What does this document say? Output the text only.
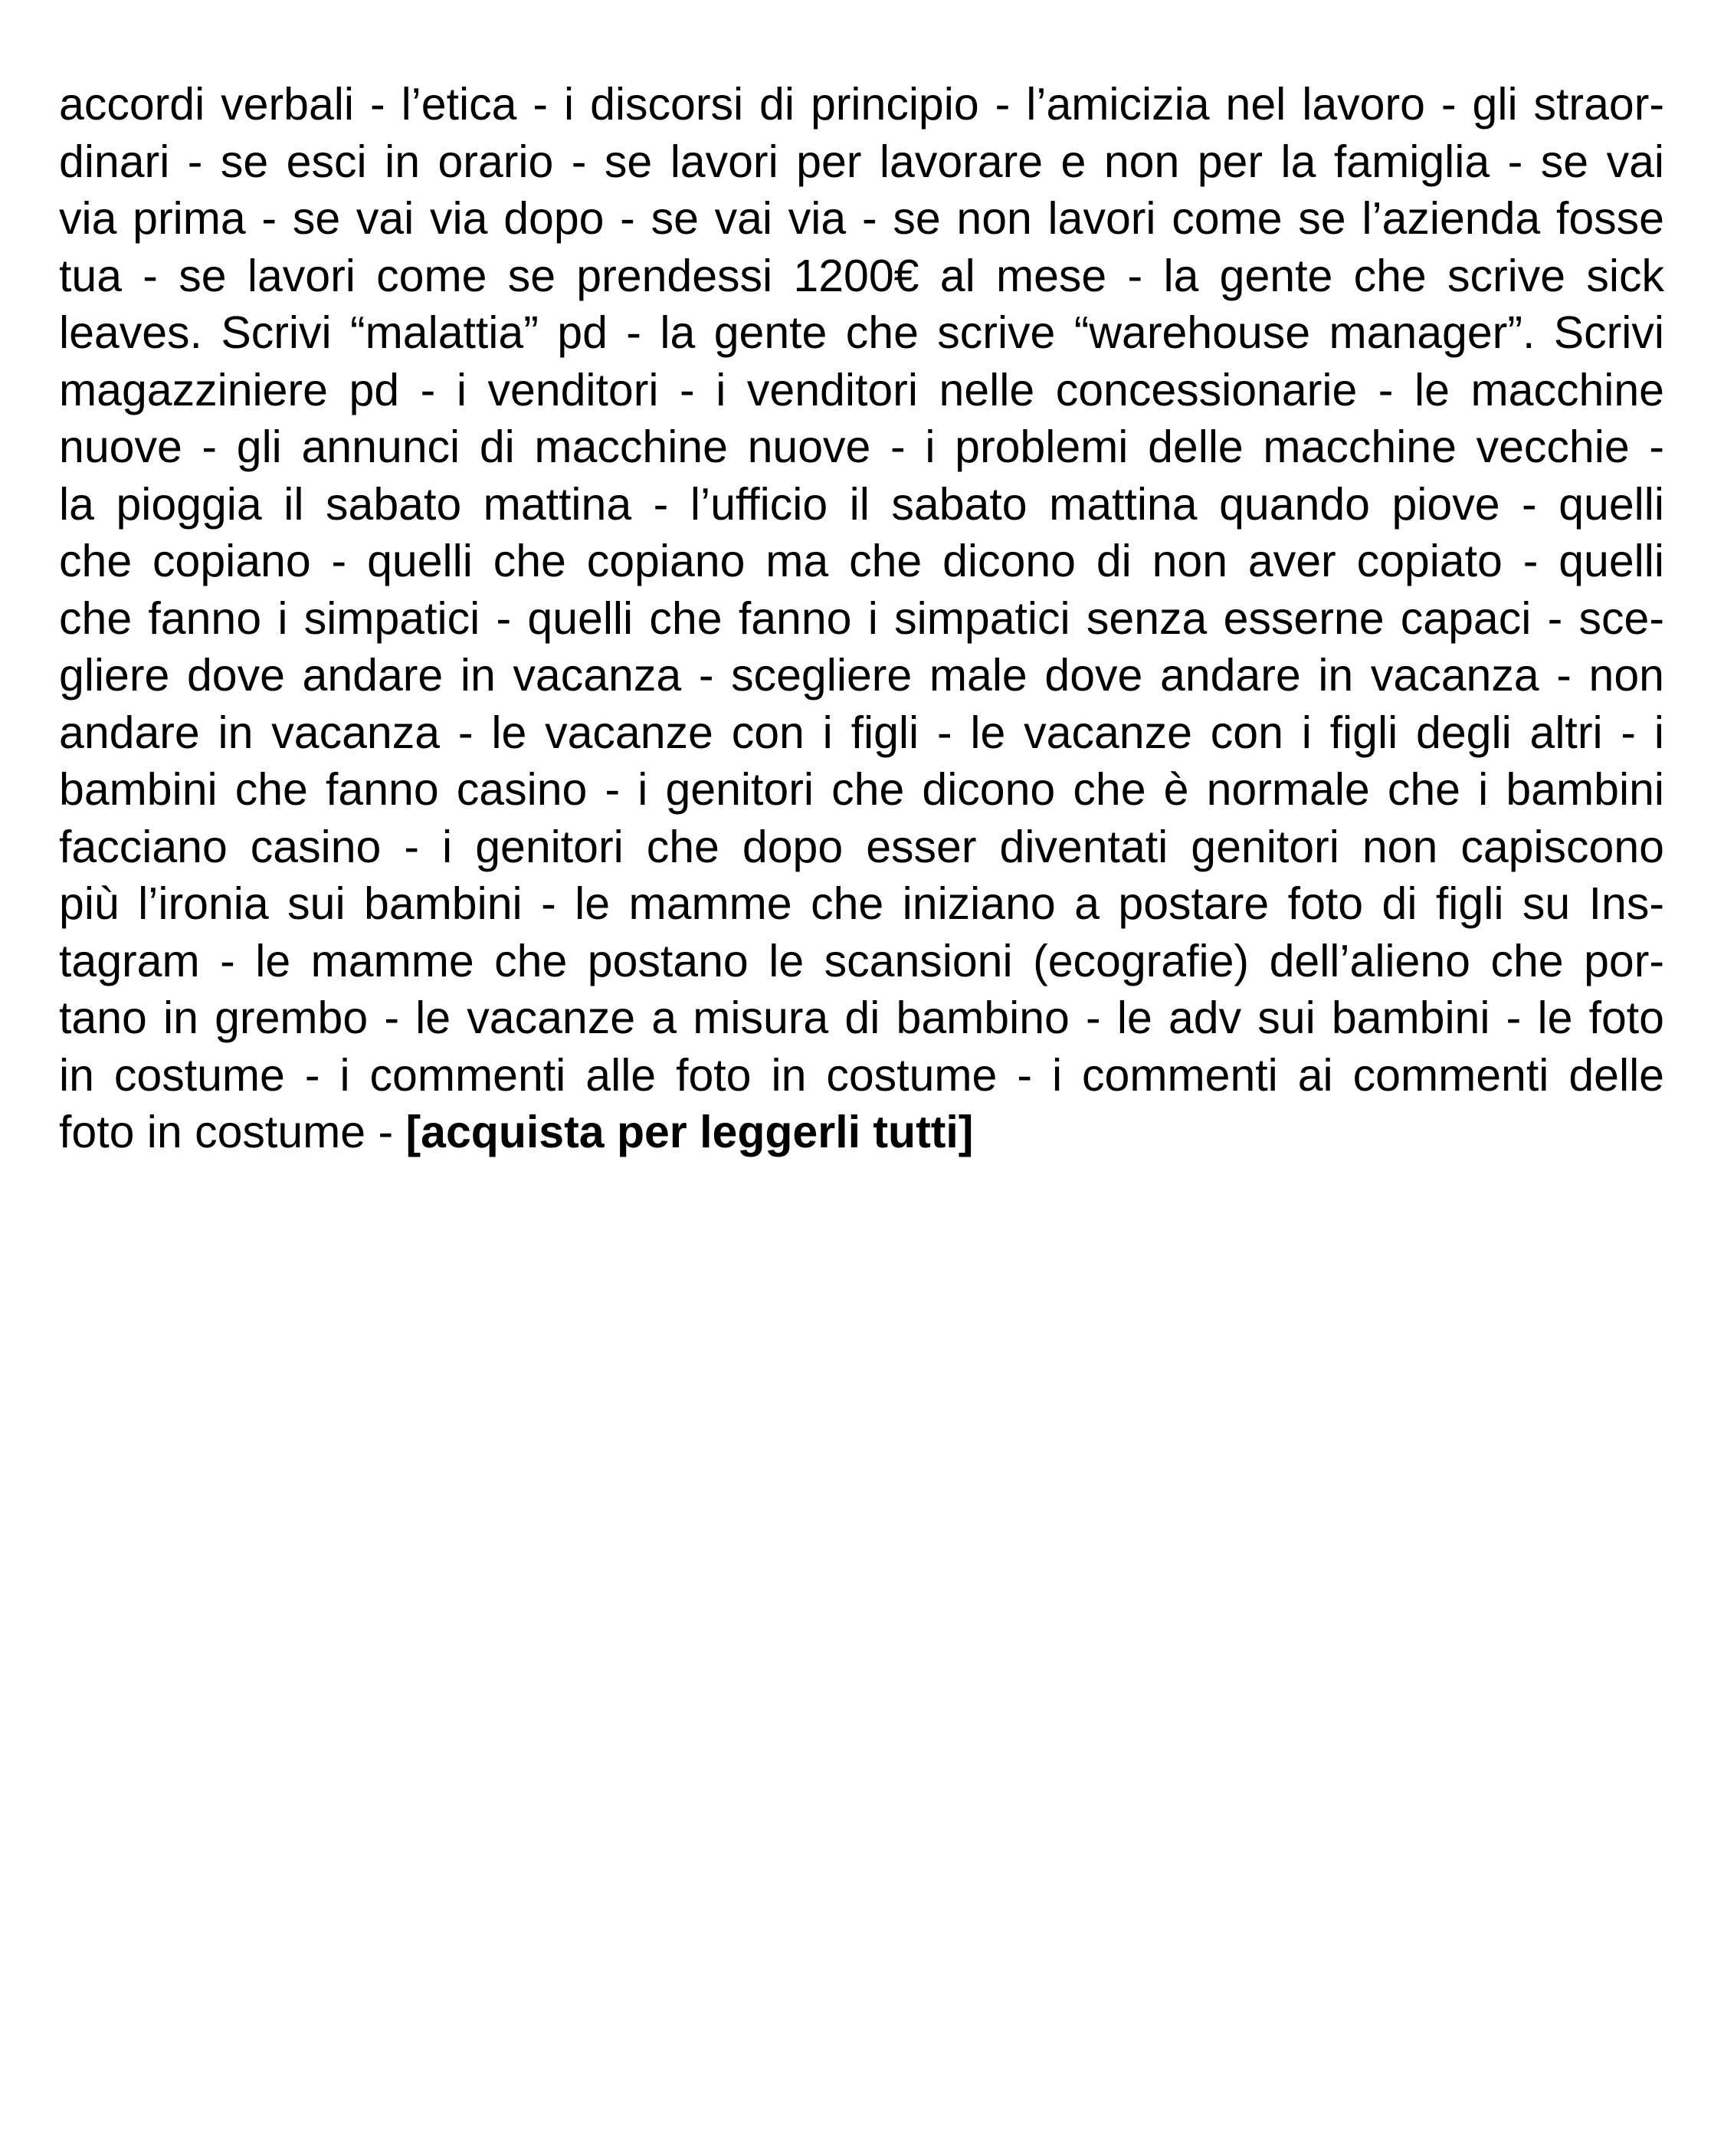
accordi verbali - l’etica - i discorsi di principio - l’amicizia nel lavoro - gli straor-
dinari - se esci in orario - se lavori per lavorare e non per la famiglia - se vai
via prima - se vai via dopo - se vai via - se non lavori come se l’azienda fosse
tua - se lavori come se prendessi 1200€ al mese - la gente che scrive sick
leaves. Scrivi “malattia” pd - la gente che scrive “warehouse manager”. Scrivi
magazziniere pd - i venditori - i venditori nelle concessionarie - le macchine
nuove - gli annunci di macchine nuove - i problemi delle macchine vecchie -
la pioggia il sabato mattina - l’ufficio il sabato mattina quando piove - quelli
che copiano - quelli che copiano ma che dicono di non aver copiato - quelli
che fanno i simpatici - quelli che fanno i simpatici senza esserne capaci - sce-
gliere dove andare in vacanza - scegliere male dove andare in vacanza - non
andare in vacanza - le vacanze con i figli - le vacanze con i figli degli altri - i
bambini che fanno casino - i genitori che dicono che è normale che i bambini
facciano casino - i genitori che dopo esser diventati genitori non capiscono
più l’ironia sui bambini - le mamme che iniziano a postare foto di figli su Ins-
tagram - le mamme che postano le scansioni (ecografie) dell’alieno che por-
tano in grembo - le vacanze a misura di bambino - le adv sui bambini - le foto
in costume - i commenti alle foto in costume - i commenti ai commenti delle
foto in costume - [acquista per leggerli tutti]
